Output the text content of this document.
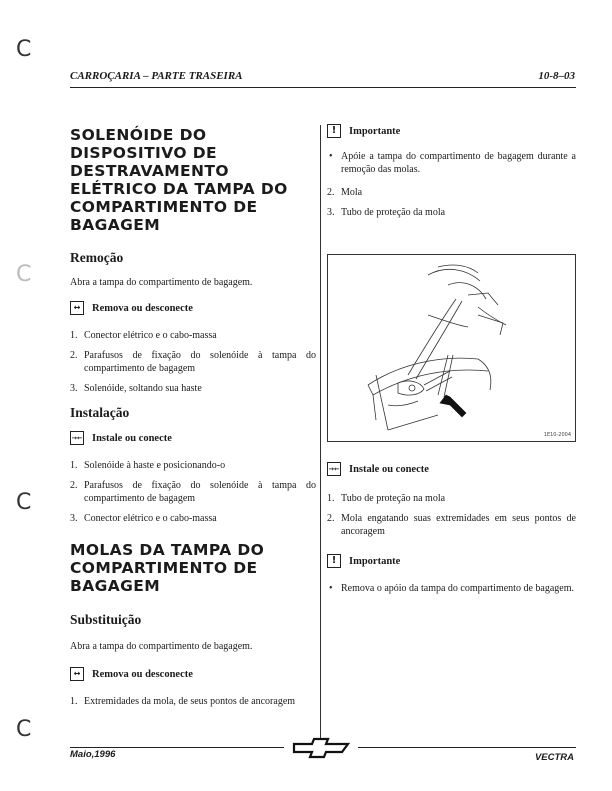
C
C
C
C
CARROÇARIA – PARTE TRASEIRA	10-8–03
SOLENÓIDE DO
DISPOSITIVO DE
DESTRAVAMENTO
ELÉTRICO DA TAMPA DO
COMPARTIMENTO DE
BAGAGEM
Remoção

Abra a tampa do compartimento de bagagem.

↔	Remova ou desconecte
1. Conector elétrico e o cabo-massa
2. Parafusos de fixação do solenóide à tampa do compartimento de bagagem
3. Solenóide, soltando sua haste
Instalação
→← Instale ou conecte
1. Solenóide à haste e posicionando-o
2. Parafusos de fixação do solenóide à tampa do compartimento de bagagem
3. Conector elétrico e o cabo-massa
MOLAS DA TAMPA DO
COMPARTIMENTO DE
BAGAGEM
Substituição

Abra a tampa do compartimento de bagagem.

↔	Remova ou desconecte
1. Extremidades da mola, de seus pontos de ancoragem
!	Importante
• Apóie a tampa do compartimento de bagagem durante a remoção das molas.
2. Mola
3. Tubo de proteção da mola
1E10-2004
→← Instale ou conecte
1. Tubo de proteção na mola
2. Mola engatando suas extremidades em seus pontos de ancoragem
!	Importante
• Remova o apóio da tampa do compartimento de bagagem.
Maio,1996	VECTRA
